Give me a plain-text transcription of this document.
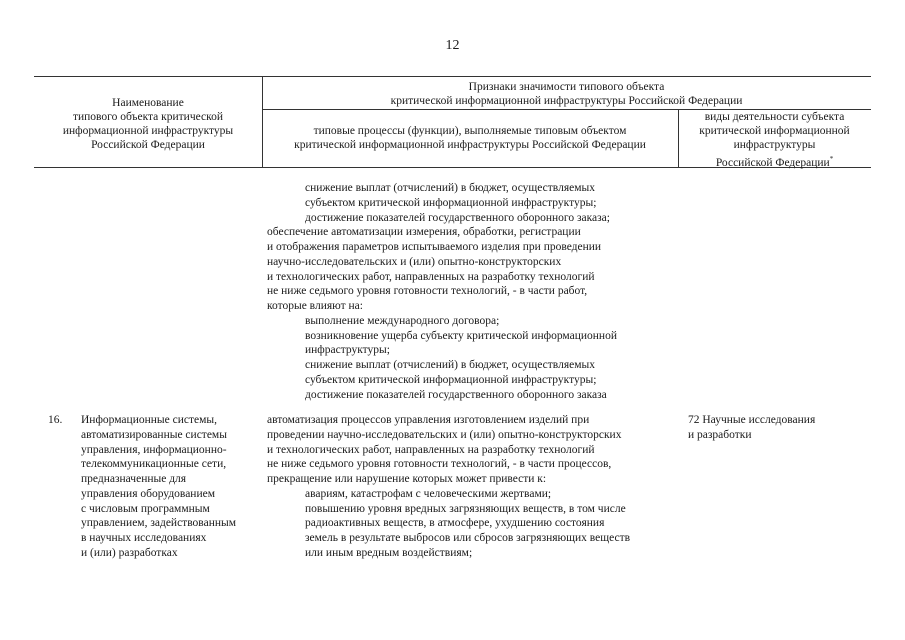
12
Наименование
типового объекта критической
информационной инфраструктуры
Российской Федерации
Признаки значимости типового объекта
критической информационной инфраструктуры Российской Федерации
типовые процессы (функции), выполняемые типовым объектом
критической информационной инфраструктуры Российской Федерации
виды деятельности субъекта
критической информационной
инфраструктуры
Российской Федерации*
снижение выплат (отчислений) в бюджет, осуществляемых
субъектом критической информационной инфраструктуры;
достижение показателей государственного оборонного заказа;
обеспечение автоматизации измерения, обработки, регистрации
и отображения параметров испытываемого изделия при проведении
научно-исследовательских и (или) опытно-конструкторских
и технологических работ, направленных на разработку технологий
не ниже седьмого уровня готовности технологий, - в части работ,
которые влияют на:
выполнение международного договора;
возникновение ущерба субъекту критической информационной
инфраструктуры;
снижение выплат (отчислений) в бюджет, осуществляемых
субъектом критической информационной инфраструктуры;
достижение показателей государственного оборонного заказа
16. Информационные системы,
автоматизированные системы
управления, информационно-
телекоммуникационные сети,
предназначенные для
управления оборудованием
с числовым программным
управлением, задействованным
в научных исследованиях
и (или) разработках
автоматизация процессов управления изготовлением изделий при
проведении научно-исследовательских и (или) опытно-конструкторских
и технологических работ, направленных на разработку технологий
не ниже седьмого уровня готовности технологий, - в части процессов,
прекращение или нарушение которых может привести к:
авариям, катастрофам с человеческими жертвами;
повышению уровня вредных загрязняющих веществ, в том числе
радиоактивных веществ, в атмосфере, ухудшению состояния
земель в результате выбросов или сбросов загрязняющих веществ
или иным вредным воздействиям;
72 Научные исследования
и разработки
